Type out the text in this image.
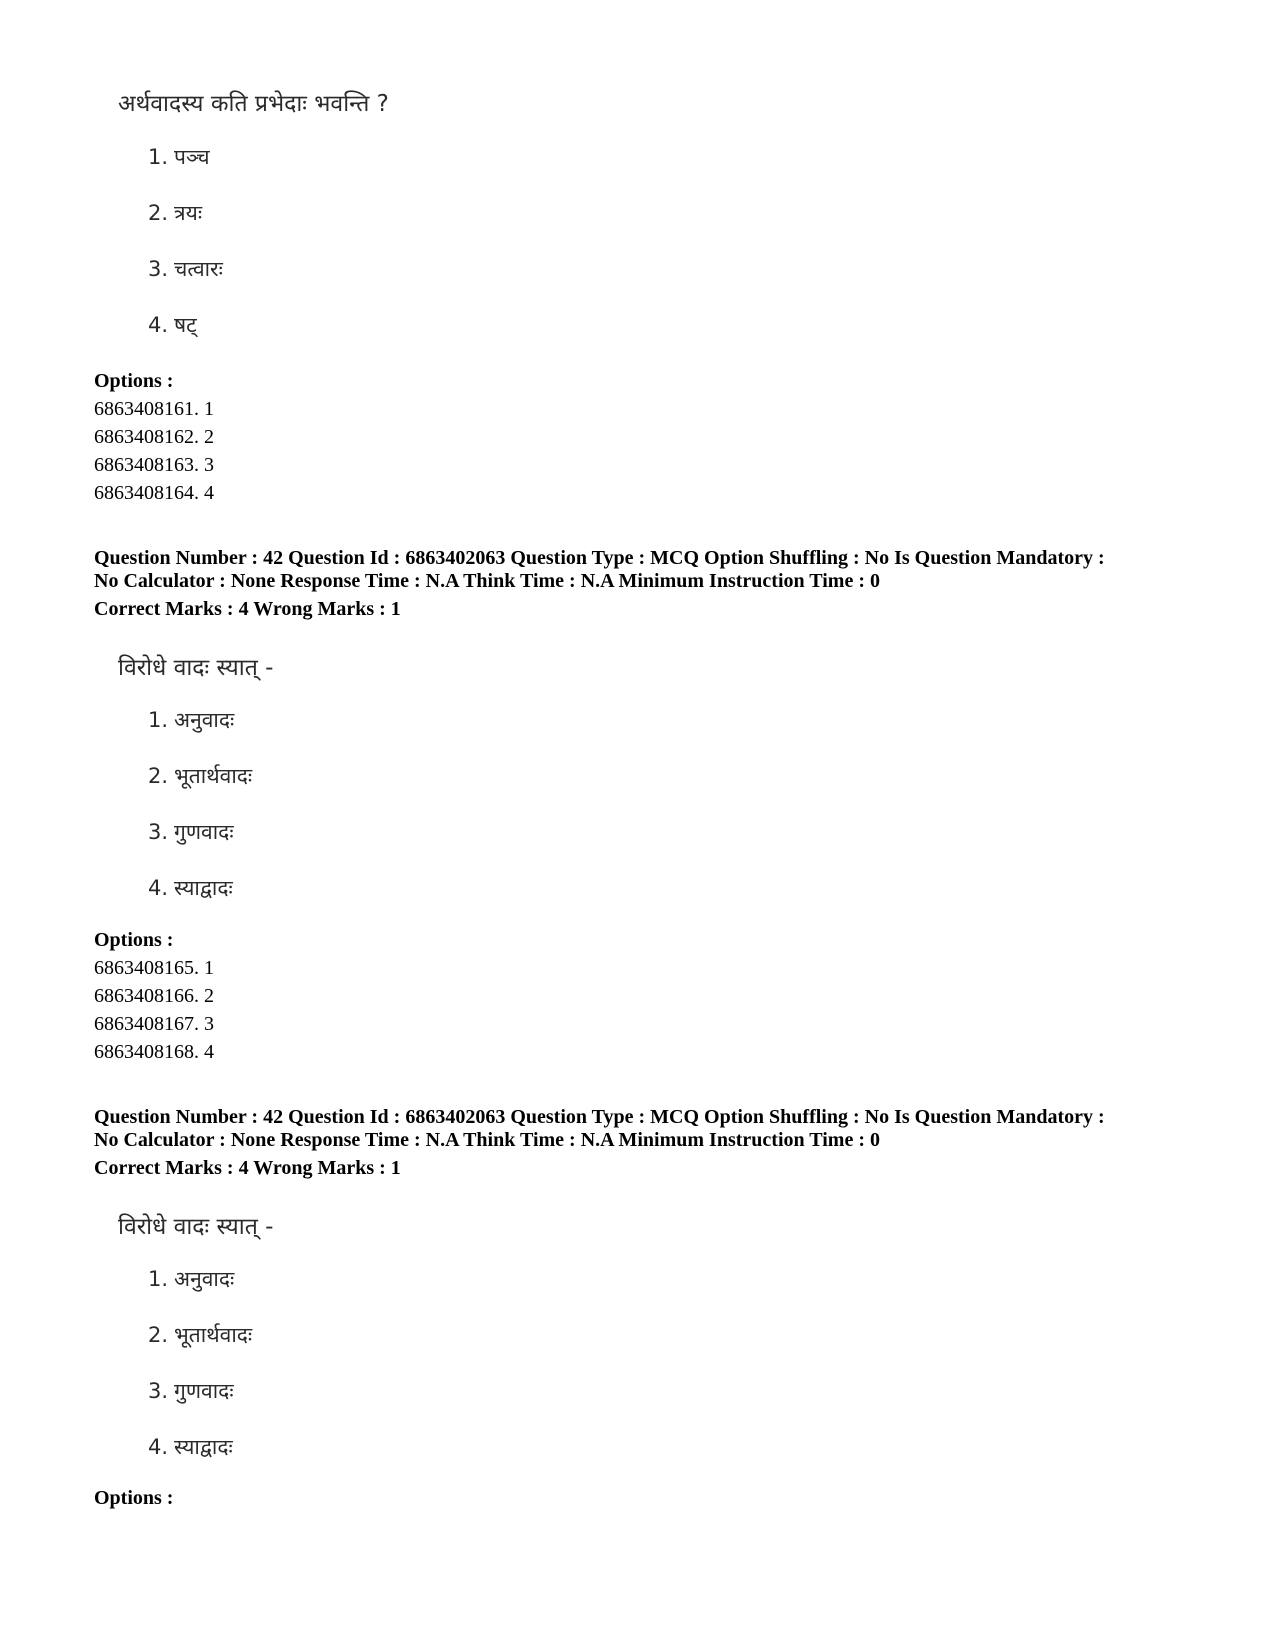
अर्थवादस्य कति प्रभेदाः भवन्ति ?
1. पञ्च
2. त्रयः
3. चत्वारः
4. षट्
Options :
6863408161. 1
6863408162. 2
6863408163. 3
6863408164. 4
Question Number : 42 Question Id : 6863402063 Question Type : MCQ Option Shuffling : No Is Question Mandatory :
No Calculator : None Response Time : N.A Think Time : N.A Minimum Instruction Time : 0
Correct Marks : 4 Wrong Marks : 1
विरोधे वादः स्यात् -
1. अनुवादः
2. भूतार्थवादः
3. गुणवादः
4. स्याद्वादः
Options :
6863408165. 1
6863408166. 2
6863408167. 3
6863408168. 4
Question Number : 42 Question Id : 6863402063 Question Type : MCQ Option Shuffling : No Is Question Mandatory :
No Calculator : None Response Time : N.A Think Time : N.A Minimum Instruction Time : 0
Correct Marks : 4 Wrong Marks : 1
विरोधे वादः स्यात् -
1. अनुवादः
2. भूतार्थवादः
3. गुणवादः
4. स्याद्वादः
Options :
